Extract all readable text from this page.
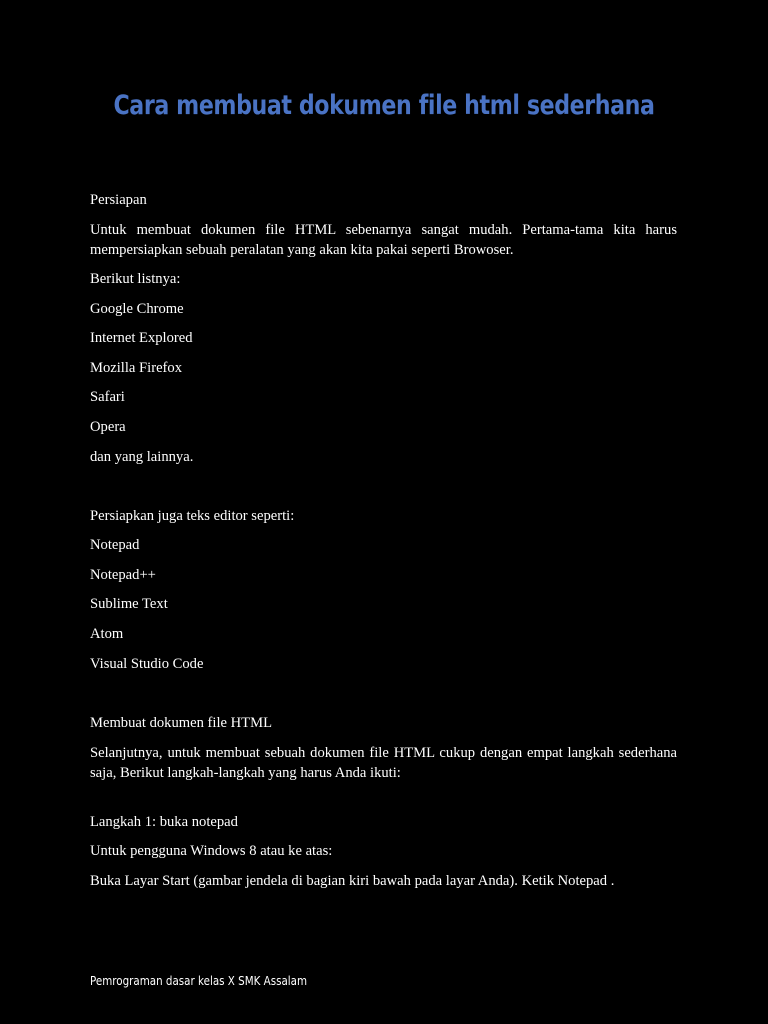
Cara membuat dokumen file html sederhana

Persiapan

Untuk membuat dokumen file HTML sebenarnya sangat mudah. Pertama-tama kita harus mempersiapkan sebuah peralatan yang akan kita pakai seperti Browoser.

Berikut listnya:

Google Chrome

Internet Explored

Mozilla Firefox

Safari

Opera

dan yang lainnya.

Persiapkan juga teks editor seperti:

Notepad

Notepad++

Sublime Text

Atom

Visual Studio Code

Membuat dokumen file HTML

Selanjutnya, untuk membuat sebuah dokumen file HTML cukup dengan empat langkah sederhana saja, Berikut langkah-langkah yang harus Anda ikuti:

Langkah 1: buka notepad

Untuk pengguna Windows 8 atau ke atas:

Buka Layar Start (gambar jendela di bagian kiri bawah pada layar Anda). Ketik Notepad .

Pemrograman dasar kelas X SMK Assalam
